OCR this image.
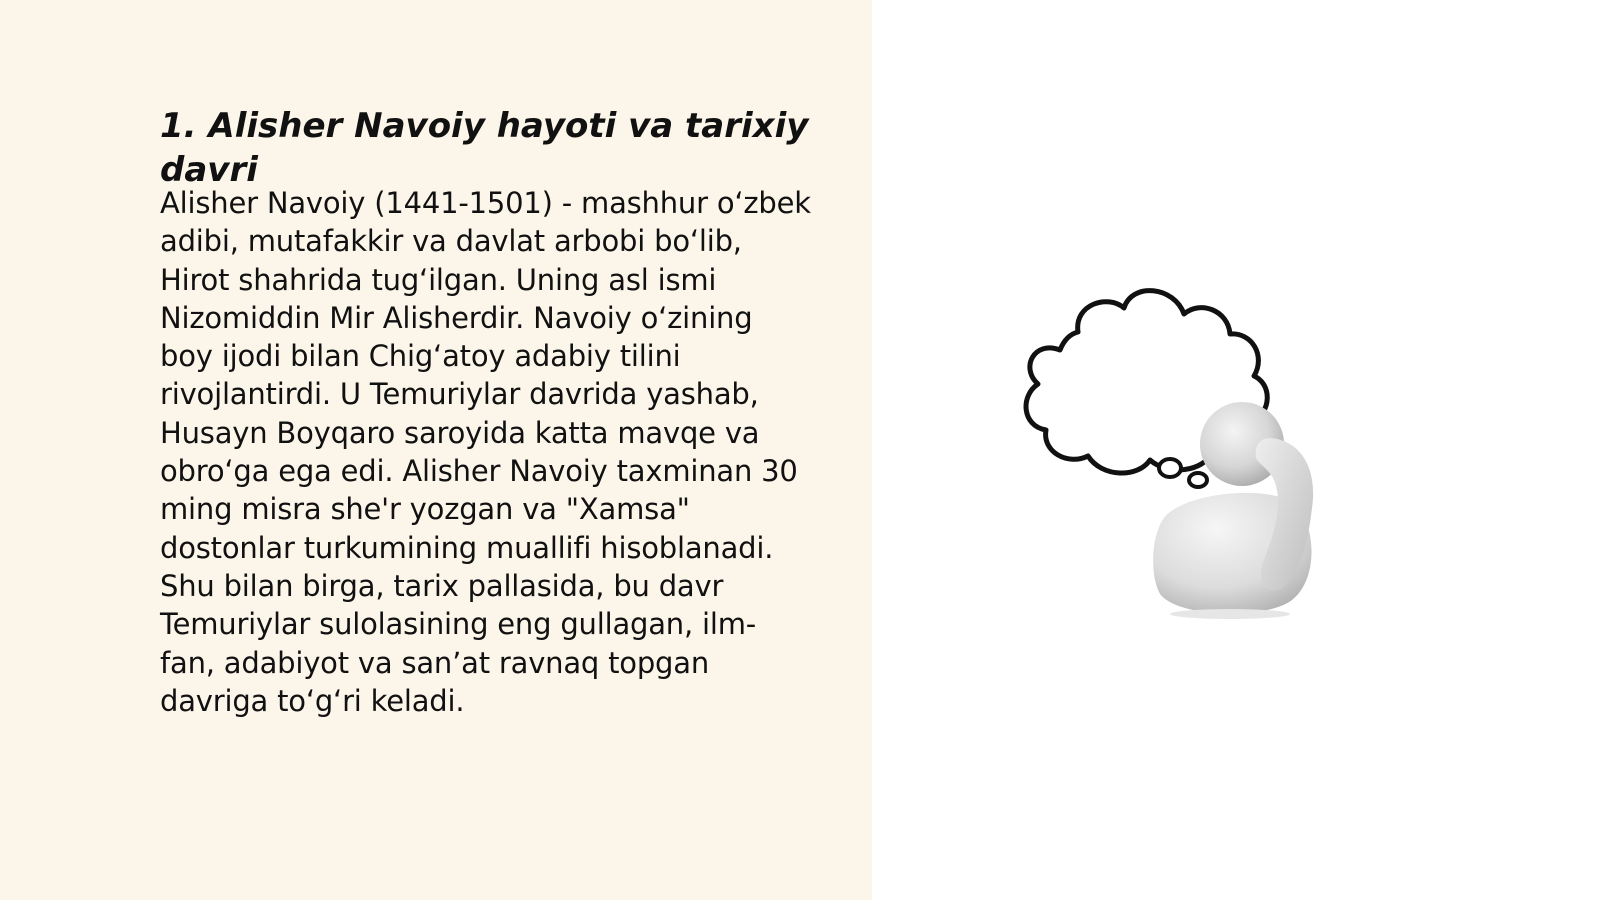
1. Alisher Navoiy hayoti va tarixiy
davri
Alisher Navoiy (1441-1501) - mashhur o‘zbek
adibi, mutafakkir va davlat arbobi bo‘lib,
Hirot shahrida tug‘ilgan. Uning asl ismi
Nizomiddin Mir Alisherdir. Navoiy o‘zining
boy ijodi bilan Chig‘atoy adabiy tilini
rivojlantirdi. U Temuriylar davrida yashab,
Husayn Boyqaro saroyida katta mavqe va
obro‘ga ega edi. Alisher Navoiy taxminan 30
ming misra she'r yozgan va "Xamsa"
dostonlar turkumining muallifi hisoblanadi.
Shu bilan birga, tarix pallasida, bu davr
Temuriylar sulolasining eng gullagan, ilm-
fan, adabiyot va san’at ravnaq topgan
davriga to‘g‘ri keladi.
